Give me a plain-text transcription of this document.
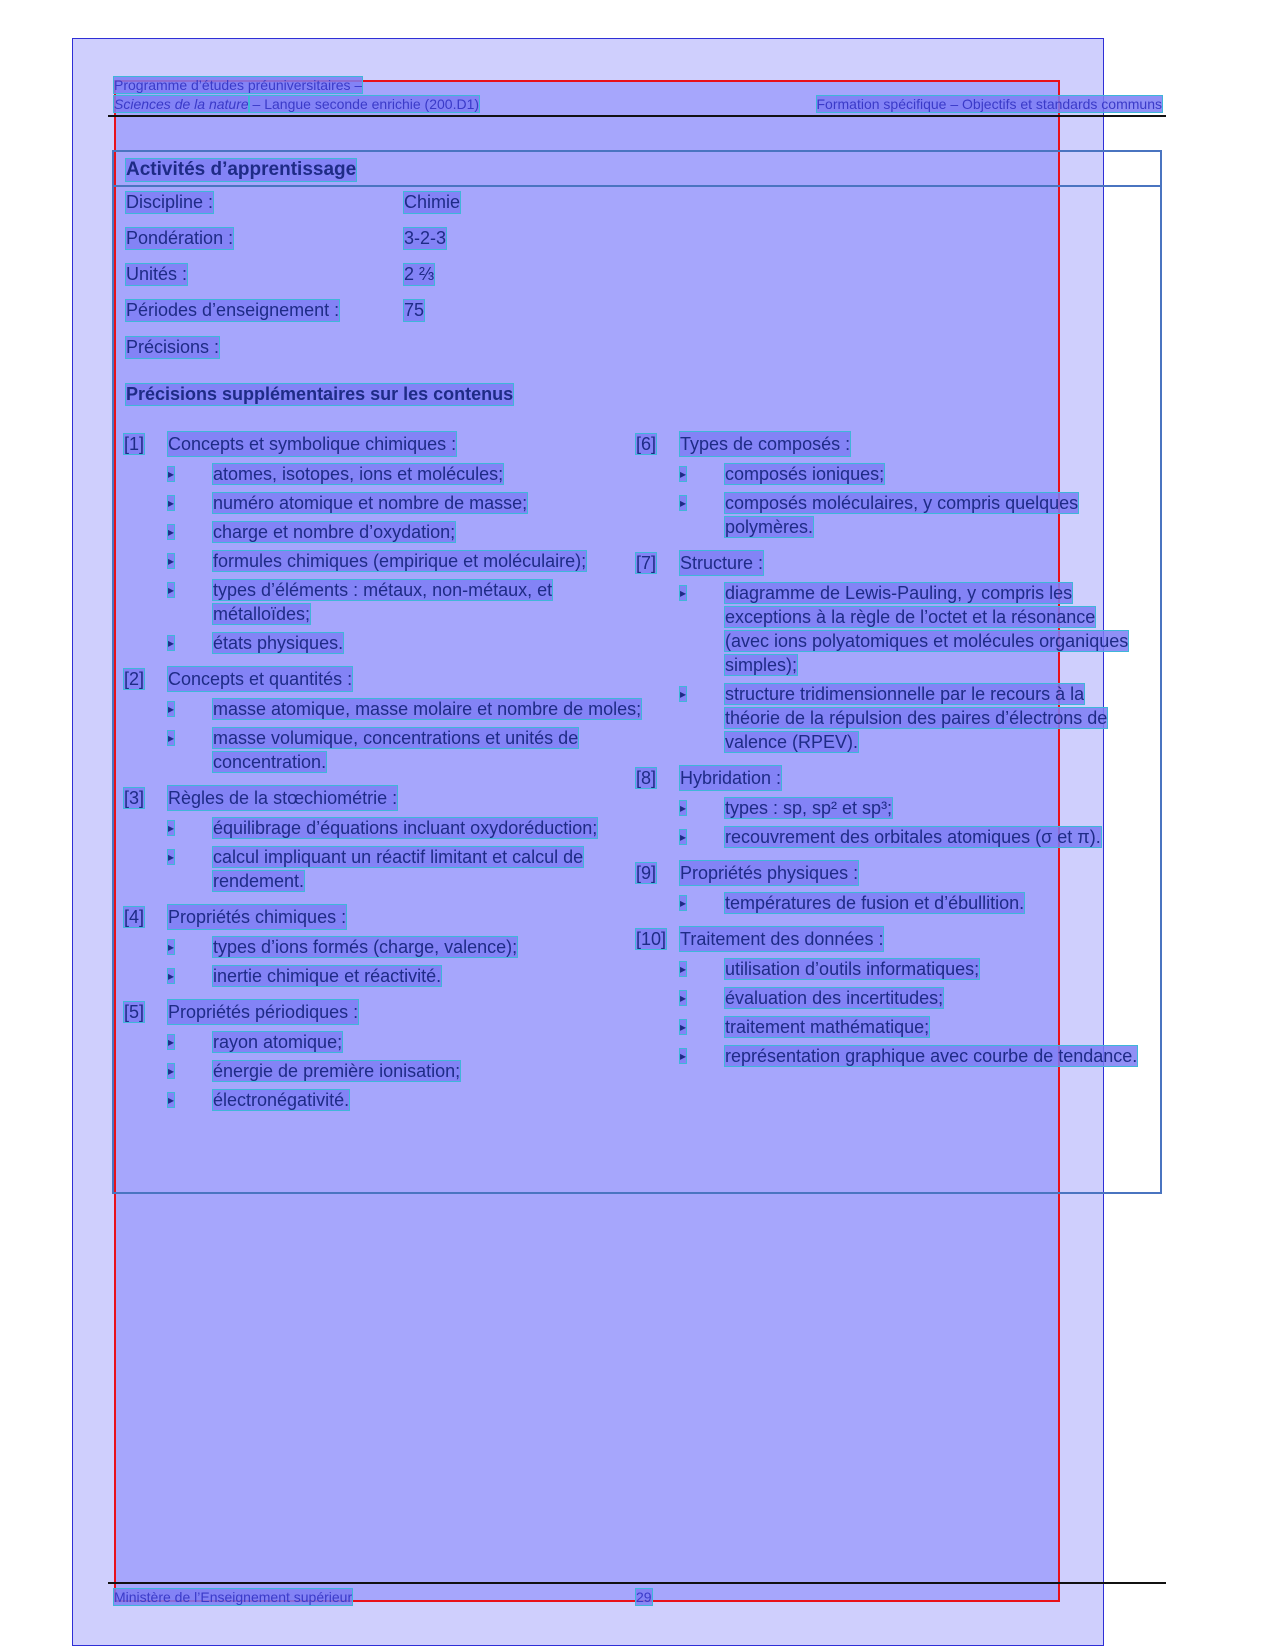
Programme d’études préuniversitaires –
Sciences de la nature – Langue seconde enrichie (200.D1)	Formation spécifique – Objectifs et standards communs
Activités d’apprentissage
Discipline :	Chimie
Pondération :	3-2-3
Unités :	2 ⅔
Périodes d’enseignement :	75
Précisions :
Précisions supplémentaires sur les contenus
[1]	Concepts et symbolique chimiques :
▸	atomes, isotopes, ions et molécules;
▸	numéro atomique et nombre de masse;
▸	charge et nombre d’oxydation;
▸	formules chimiques (empirique et moléculaire);
▸	types d’éléments : métaux, non-métaux, et métalloïdes;
▸	états physiques.
[2]	Concepts et quantités :
▸	masse atomique, masse molaire et nombre de moles;
▸	masse volumique, concentrations et unités de concentration.
[3]	Règles de la stœchiométrie :
▸	équilibrage d’équations incluant oxydoréduction;
▸	calcul impliquant un réactif limitant et calcul de rendement.
[4]	Propriétés chimiques :
▸	types d’ions formés (charge, valence);
▸	inertie chimique et réactivité.
[5]	Propriétés périodiques :
▸	rayon atomique;
▸	énergie de première ionisation;
▸	électronégativité.
[6]	Types de composés :
▸	composés ioniques;
▸	composés moléculaires, y compris quelques polymères.
[7]	Structure :
▸	diagramme de Lewis-Pauling, y compris les exceptions à la règle de l’octet et la résonance (avec ions polyatomiques et molécules organiques simples);
▸	structure tridimensionnelle par le recours à la théorie de la répulsion des paires d’électrons de valence (RPEV).
[8]	Hybridation :
▸	types : sp, sp² et sp³;
▸	recouvrement des orbitales atomiques (σ et π).
[9]	Propriétés physiques :
▸	températures de fusion et d’ébullition.
[10] Traitement des données :
▸	utilisation d’outils informatiques;
▸	évaluation des incertitudes;
▸	traitement mathématique;
▸	représentation graphique avec courbe de tendance.
Ministère de l’Enseignement supérieur	29
